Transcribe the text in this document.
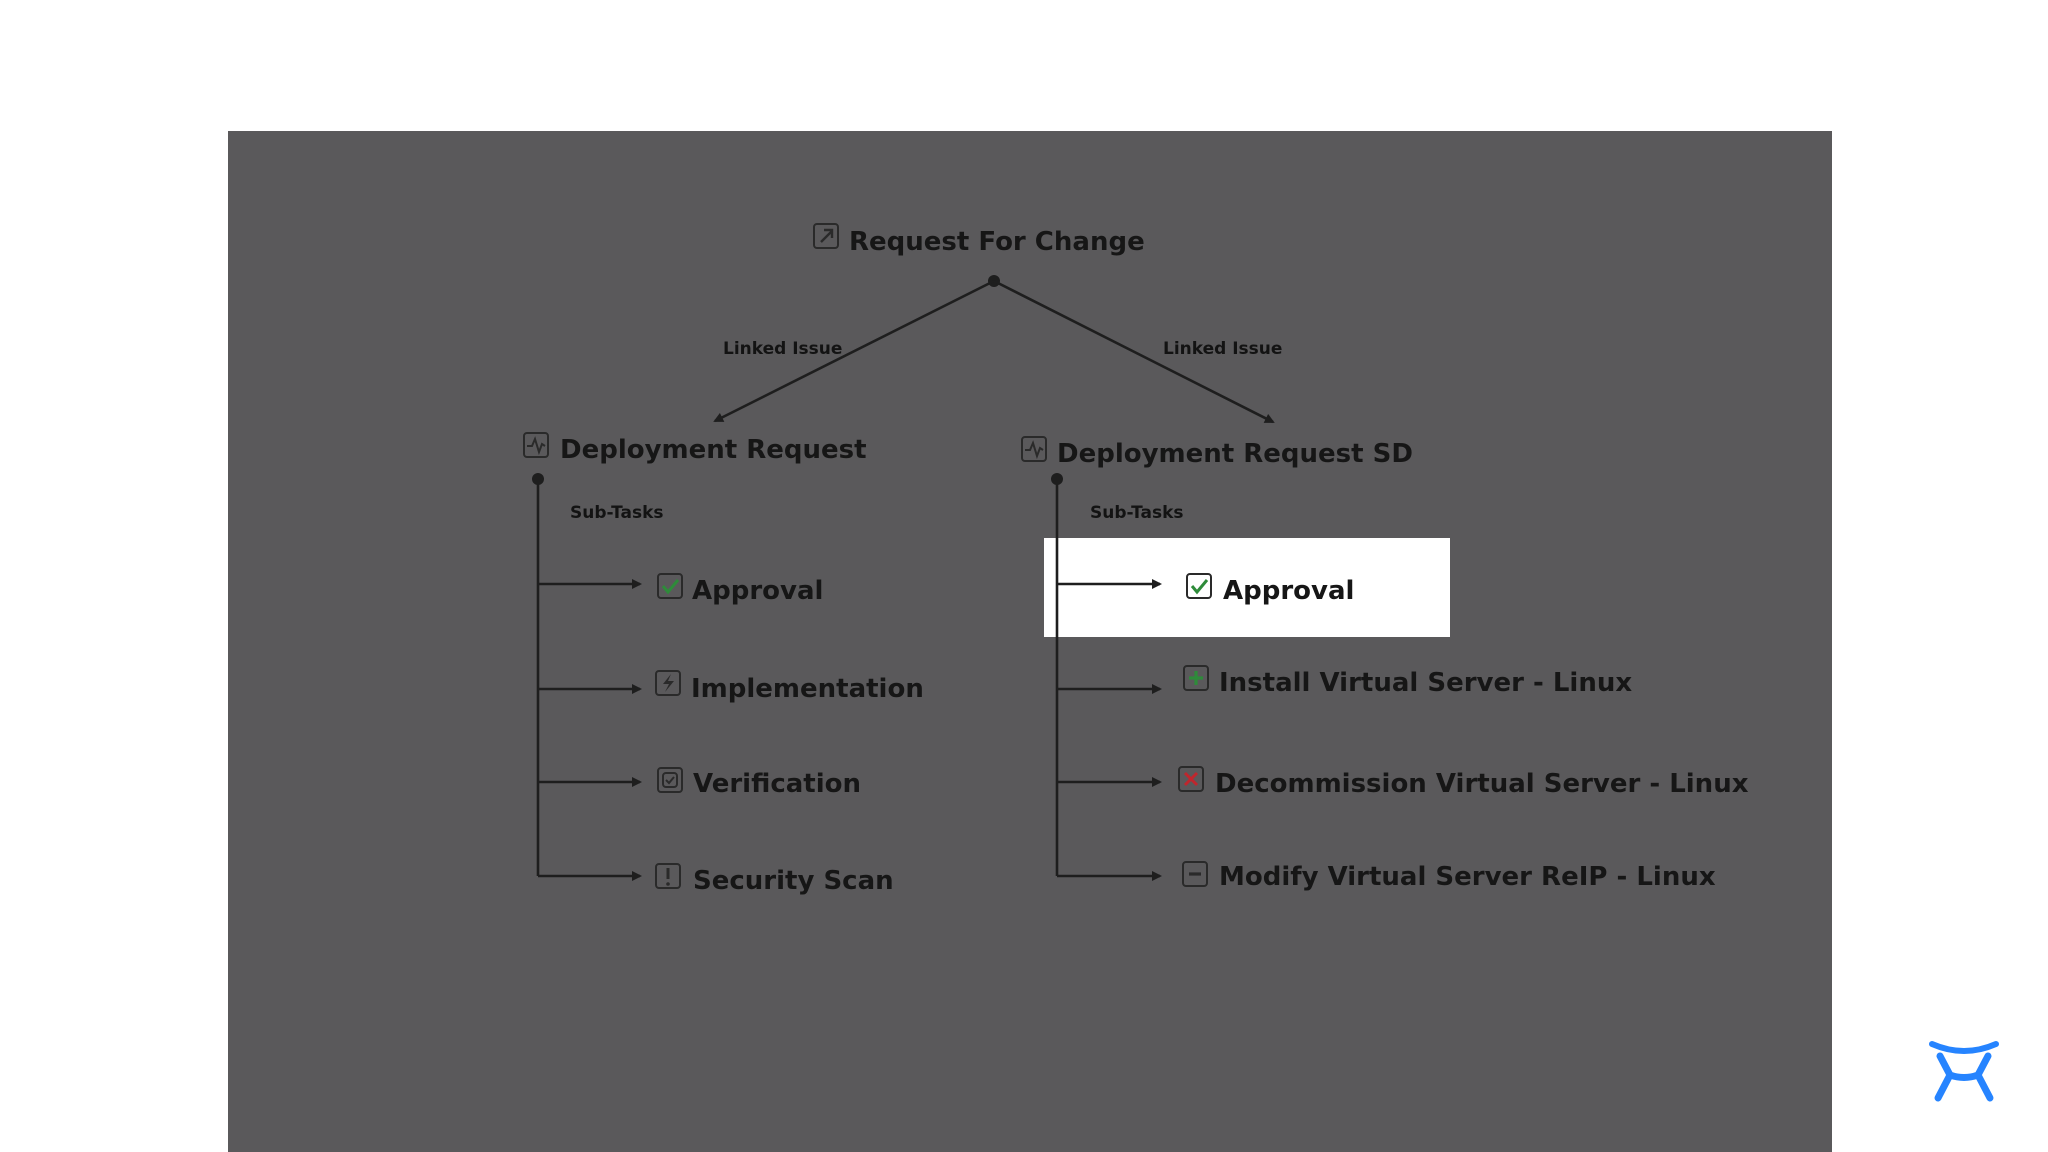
Request For Change
Linked Issue	Linked Issue
Deployment Request
Sub-Tasks
Approval
Implementation
Verification
Security Scan
Deployment Request SD
Sub-Tasks
Approval
Install Virtual Server - Linux
Decommission Virtual Server - Linux
Modify Virtual Server ReIP - Linux
